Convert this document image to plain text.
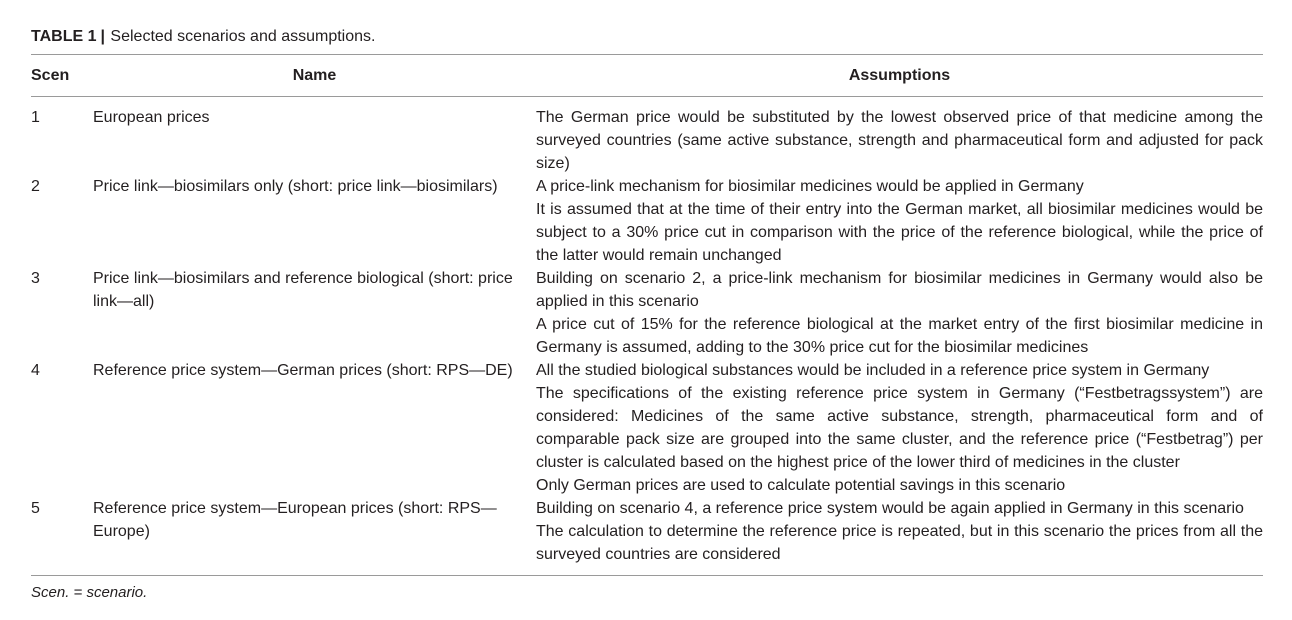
TABLE 1 | Selected scenarios and assumptions.
Scen	Name	Assumptions
1	European prices	The German price would be substituted by the lowest observed price of that medicine among the surveyed countries (same active substance, strength and pharmaceutical form and adjusted for pack size)

2	Price link—biosimilars only (short: price link—biosimilars)	A price-link mechanism for biosimilar medicines would be applied in Germany
It is assumed that at the time of their entry into the German market, all biosimilar medicines would be subject to a 30% price cut in comparison with the price of the reference biological, while the price of the latter would remain unchanged

3	Price link—biosimilars and reference biological (short: price link—all)	Building on scenario 2, a price-link mechanism for biosimilar medicines in Germany would also be applied in this scenario
A price cut of 15% for the reference biological at the market entry of the first biosimilar medicine in Germany is assumed, adding to the 30% price cut for the biosimilar medicines

4	Reference price system—German prices (short: RPS—DE)	All the studied biological substances would be included in a reference price system in Germany
The specifications of the existing reference price system in Germany (“Festbetragssystem”) are considered: Medicines of the same active substance, strength, pharmaceutical form and of comparable pack size are grouped into the same cluster, and the reference price (“Festbetrag”) per cluster is calculated based on the highest price of the lower third of medicines in the cluster
Only German prices are used to calculate potential savings in this scenario

5	Reference price system—European prices (short: RPS—Europe)	Building on scenario 4, a reference price system would be again applied in Germany in this scenario
The calculation to determine the reference price is repeated, but in this scenario the prices from all the surveyed countries are considered
Scen. = scenario.
